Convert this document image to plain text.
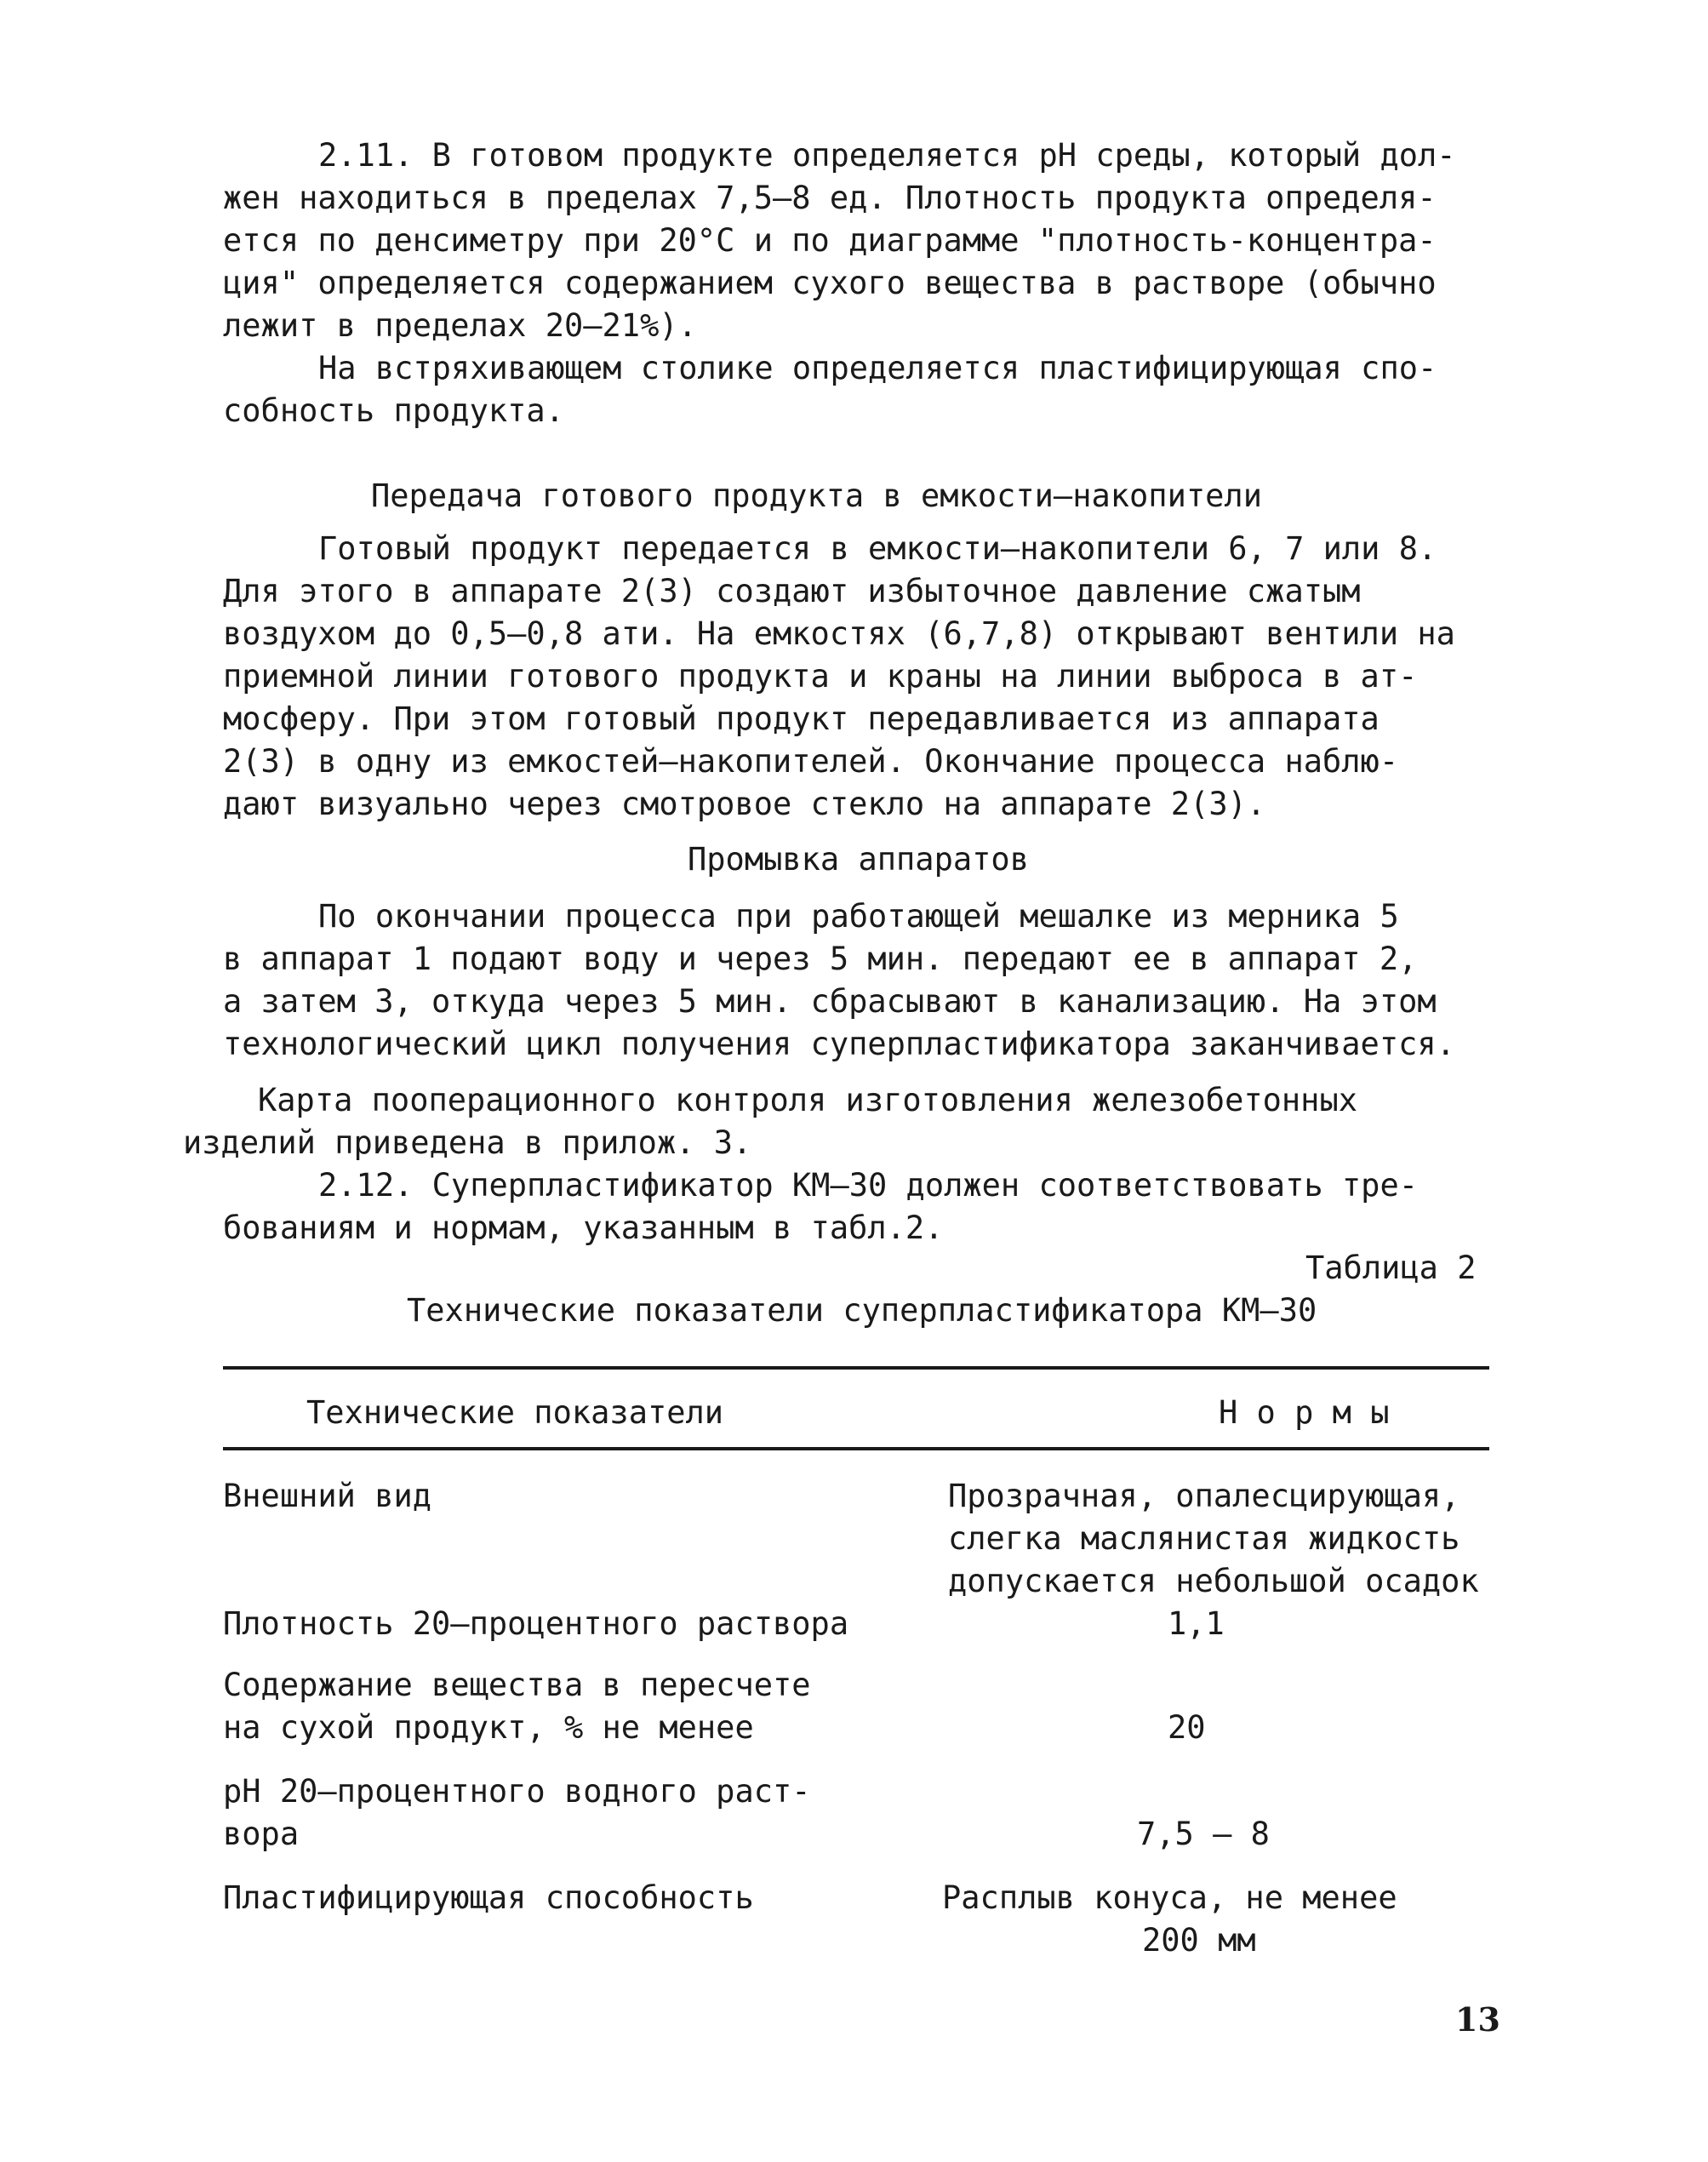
2.11. В готовом продукте определяется рН среды, который дол-
жен находиться в пределах 7,5–8 ед. Плотность продукта определя-
ется по денсиметру при 20°С и по диаграмме "плотность-концентра-
ция" определяется содержанием сухого вещества в растворе (обычно
лежит в пределах 20–21%).
На встряхивающем столике определяется пластифицирующая спо-
собность продукта.
Передача готового продукта в емкости–накопители
Готовый продукт передается в емкости–накопители 6, 7 или 8.
Для этого в аппарате 2(3) создают избыточное давление сжатым
воздухом до 0,5–0,8 ати. На емкостях (6,7,8) открывают вентили на
приемной линии готового продукта и краны на линии выброса в ат-
мосферу. При этом готовый продукт передавливается из аппарата
2(3) в одну из емкостей–накопителей. Окончание процесса наблю-
дают визуально через смотровое стекло на аппарате 2(3).
Промывка аппаратов
По окончании процесса при работающей мешалке из мерника 5
в аппарат 1 подают воду и через 5 мин. передают ее в аппарат 2,
а затем 3, откуда через 5 мин. сбрасывают в канализацию. На этом
технологический цикл получения суперпластификатора заканчивается.
Карта пооперационного контроля изготовления железобетонных
изделий приведена в прилож. 3.
2.12. Суперпластификатор КМ–30 должен соответствовать тре-
бованиям и нормам, указанным в табл.2.
Таблица 2
Технические показатели суперпластификатора КМ–30
Технические показатели	Н о р м ы
Внешний вид	Прозрачная, опалесцирующая,
слегка маслянистая жидкость
допускается небольшой осадок
Плотность 20–процентного раствора	1,1
Содержание вещества в пересчете
на сухой продукт, % не менее	20
рН 20–процентного водного раст-
вора	7,5 – 8
Пластифицирующая способность	Расплыв конуса, не менее
200 мм
13
